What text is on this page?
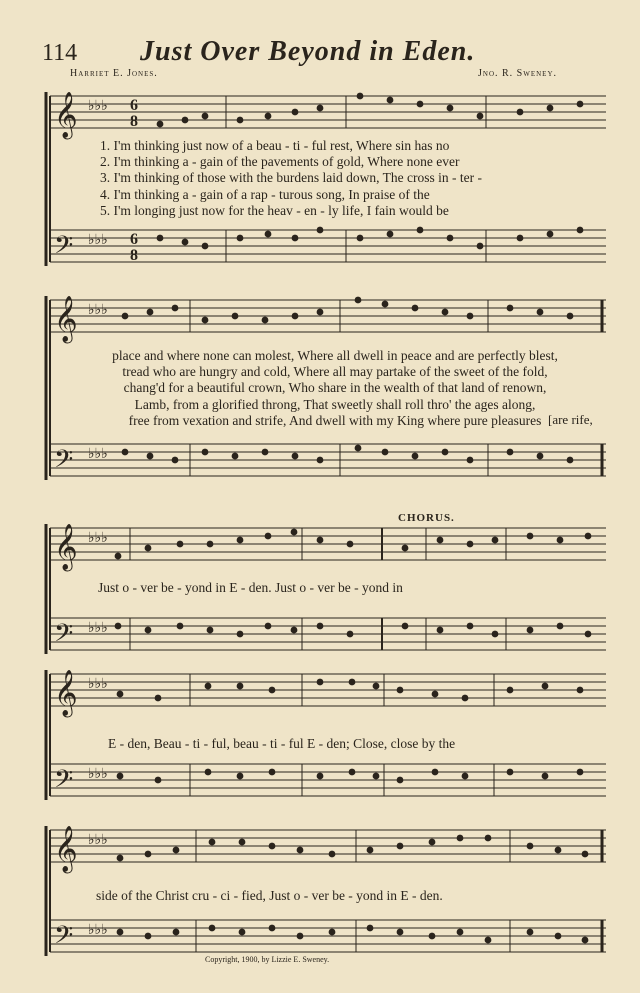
114 Just Over Beyond in Eden.
Harriet E. Jones.	Jno. R. Sweney.
𝄞
𝄢
♭♭♭
♭♭♭
6
8
6
8
1. I'm thinking just now of a beau - ti - ful rest, Where sin has no
2. I'm thinking a - gain of the pavements of gold, Where none ever
3. I'm thinking of those with the burdens laid down, The cross in - ter -
4. I'm thinking a - gain of a rap - turous song, In praise of the
5. I'm longing just now for the heav - en - ly life, I fain would be
𝄞
𝄢
♭♭♭
♭♭♭
place and where none can molest, Where all dwell in peace and are perfectly blest,
tread who are hungry and cold, Where all may partake of the sweet of the fold,
chang'd for a beautiful crown, Who share in the wealth of that land of renown,
Lamb, from a glorified throng, That sweetly shall roll thro' the ages along,
free from vexation and strife, And dwell with my King where pure pleasures [are rife,
CHORUS.
𝄞
𝄢
♭♭♭
♭♭♭
Just o - ver be - yond in E - den. Just o - ver be - yond in
𝄞
𝄢
♭♭♭
♭♭♭
E - den, Beau - ti - ful, beau - ti - ful E - den; Close, close by the
𝄞
𝄢
♭♭♭
♭♭♭
side of the Christ cru - ci - fied, Just o - ver be - yond in E - den.
Copyright, 1900, by Lizzie E. Sweney.
